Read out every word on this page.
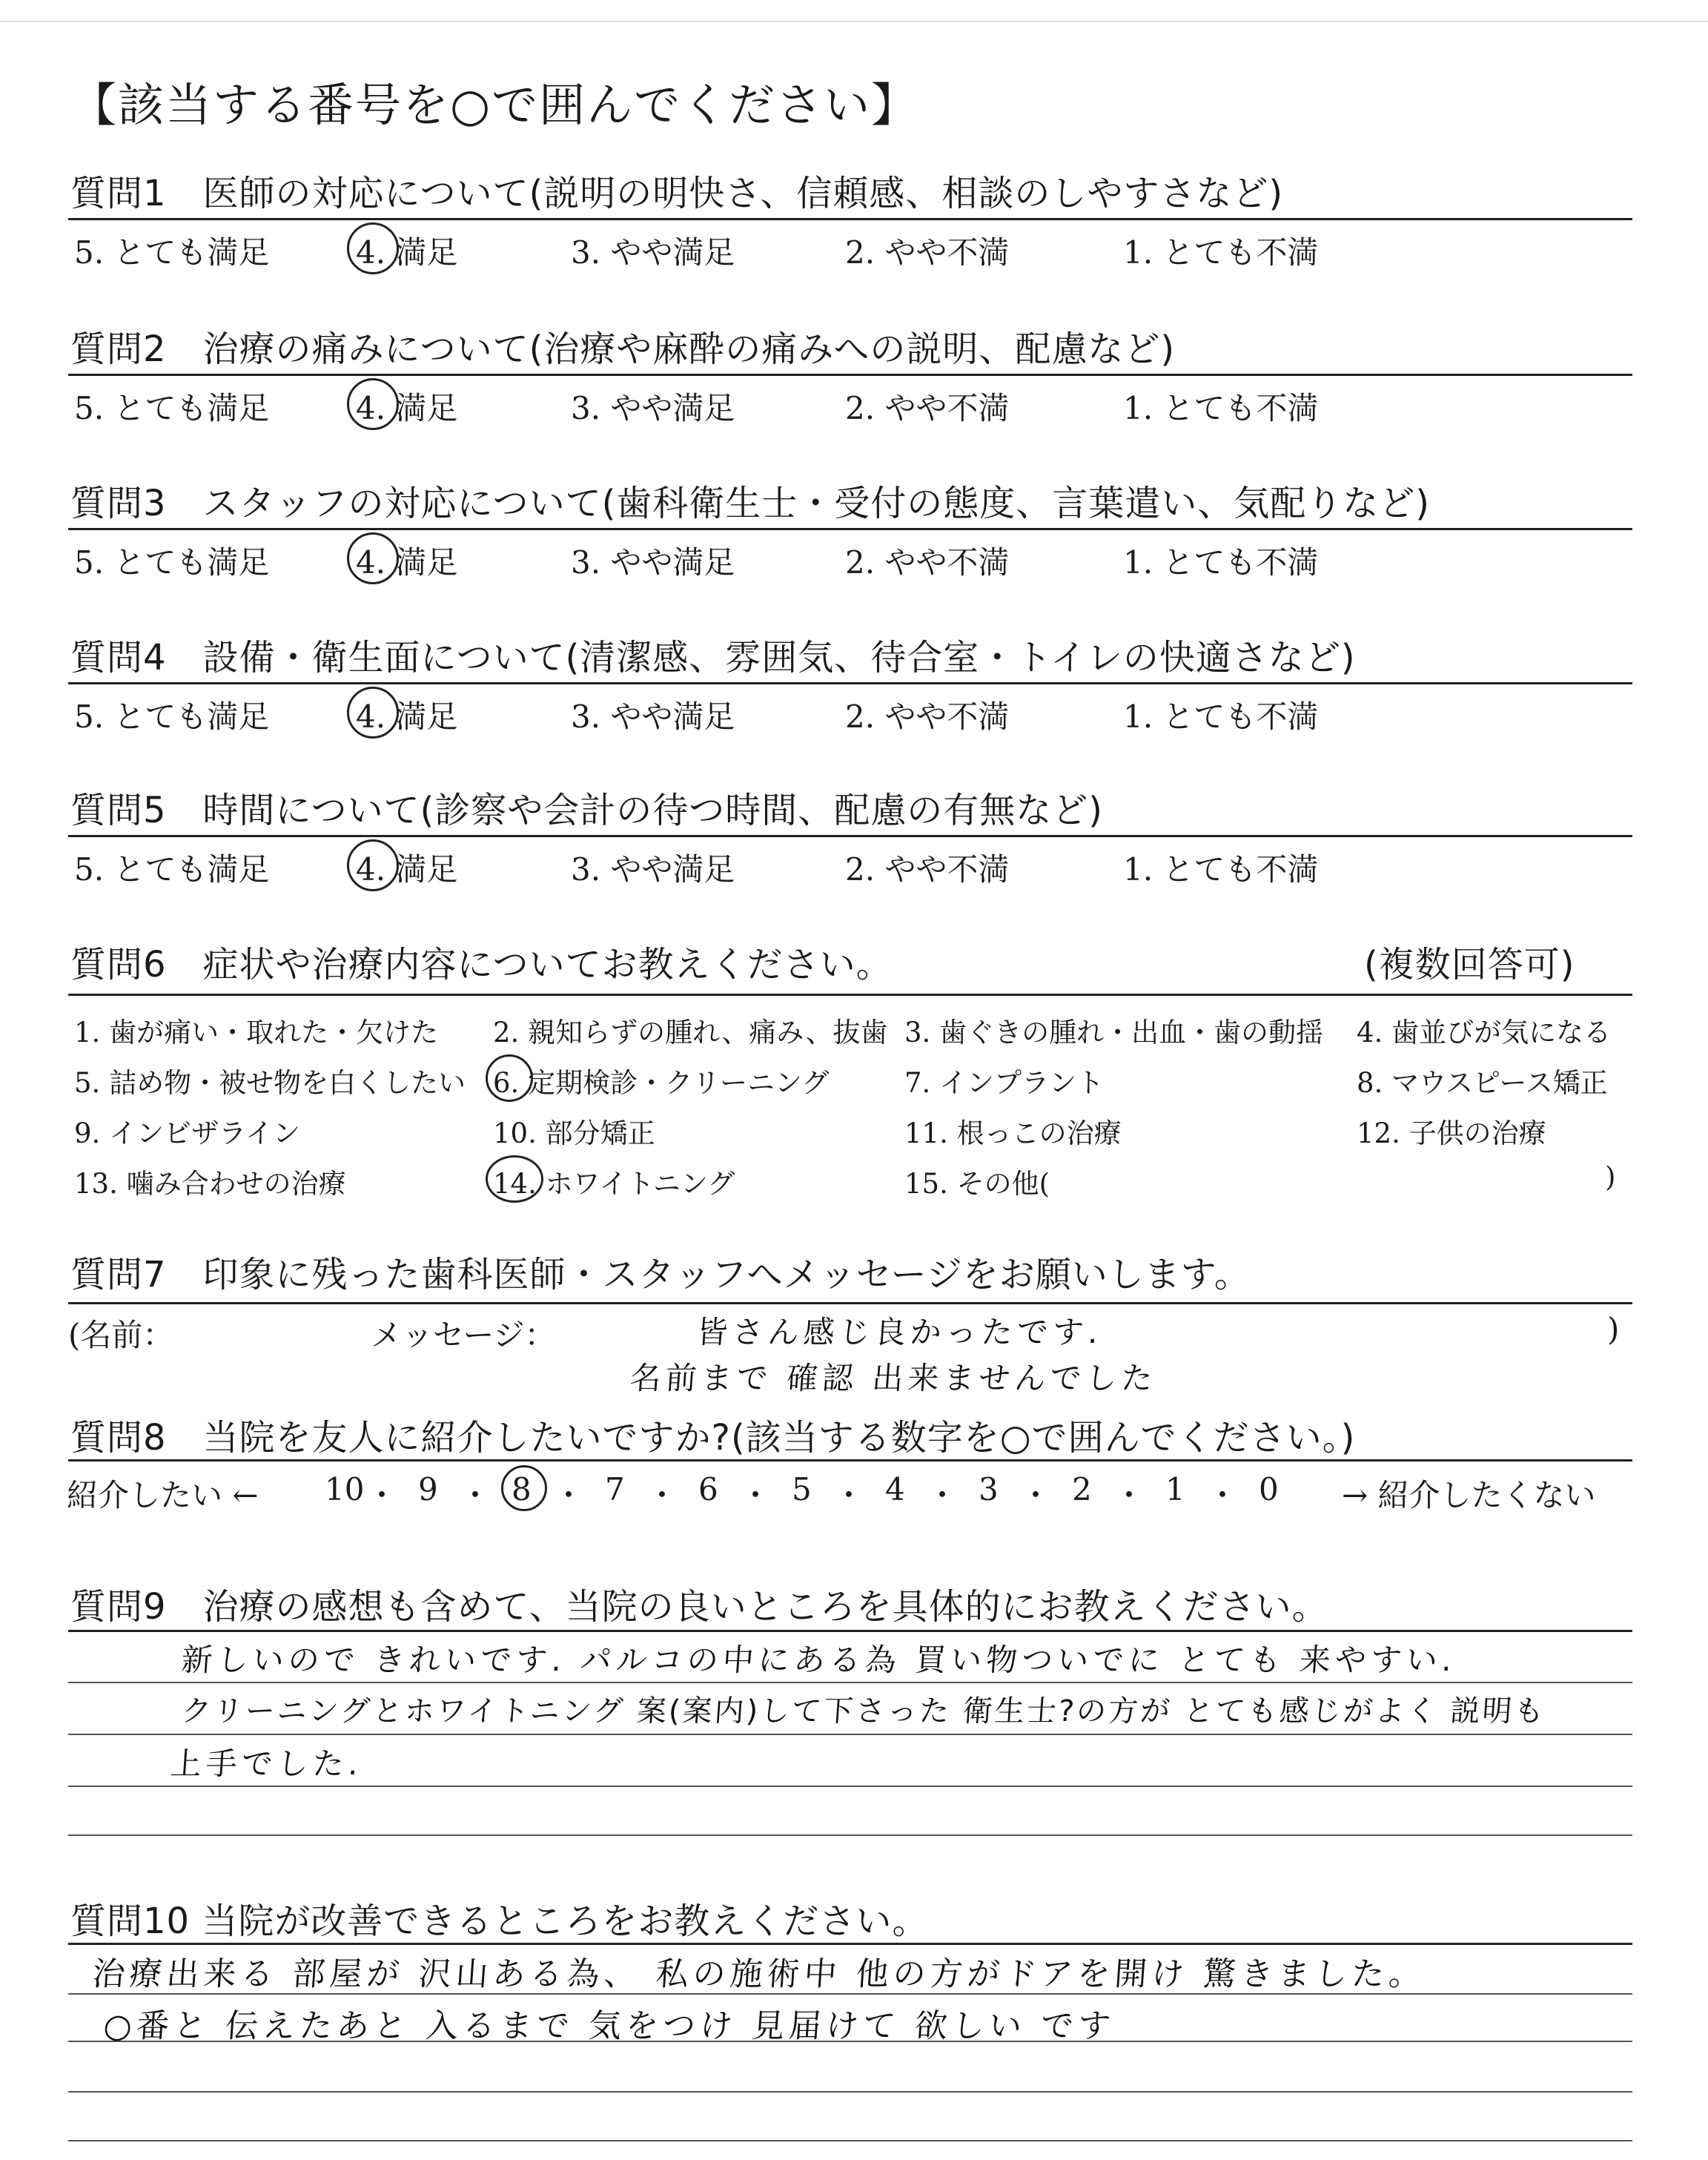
【該当する番号を○で囲んでください】
質問1　医師の対応について(説明の明快さ、信頼感、相談のしやすさなど)
5. とても満足	4. 満足	3. やや満足	2. やや不満	1. とても不満
質問2　治療の痛みについて(治療や麻酔の痛みへの説明、配慮など)
5. とても満足	4. 満足	3. やや満足	2. やや不満	1. とても不満
質問3　スタッフの対応について(歯科衛生士・受付の態度、言葉遣い、気配りなど)
5. とても満足	4. 満足	3. やや満足	2. やや不満	1. とても不満
質問4　設備・衛生面について(清潔感、雰囲気、待合室・トイレの快適さなど)
5. とても満足	4. 満足	3. やや満足	2. やや不満	1. とても不満
質問5　時間について(診察や会計の待つ時間、配慮の有無など)
5. とても満足	4. 満足	3. やや満足	2. やや不満	1. とても不満
質問6　症状や治療内容についてお教えください。	(複数回答可)
1. 歯が痛い・取れた・欠けた 2. 親知らずの腫れ、痛み、抜歯 3. 歯ぐきの腫れ・出血・歯の動揺 4. 歯並びが気になる
5. 詰め物・被せ物を白くしたい 6. 定期検診・クリーニング	7. インプラント	8. マウスピース矯正
9. インビザライン	10. 部分矯正	11. 根っこの治療	12. 子供の治療
13. 噛み合わせの治療	14. ホワイトニング	15. その他(	)
質問7　印象に残った歯科医師・スタッフへメッセージをお願いします。
(名前：	メッセージ：	)
皆さん感じ良かったです.
名前まで 確認 出来ませんでした
質問8　当院を友人に紹介したいですか?(該当する数字を○で囲んでください。)
紹介したい ←	→ 紹介したくない
10 ・ 9 ・ 8 ・ 7 ・ 6 ・ 5 ・ 4 ・ 3 ・ 2 ・ 1 ・ 0
質問9　治療の感想も含めて、当院の良いところを具体的にお教えください。
新しいので きれいです. パルコの中にある為 買い物ついでに とても 来やすい.
クリーニングとホワイトニング 案(案内)して下さった 衛生士?の方が とても感じがよく 説明も
上手でした.
質問10 当院が改善できるところをお教えください。
治療出来る 部屋が 沢山ある為、 私の施術中 他の方がドアを開け 驚きました。
○番と 伝えたあと 入るまで 気をつけ 見届けて 欲しい です
